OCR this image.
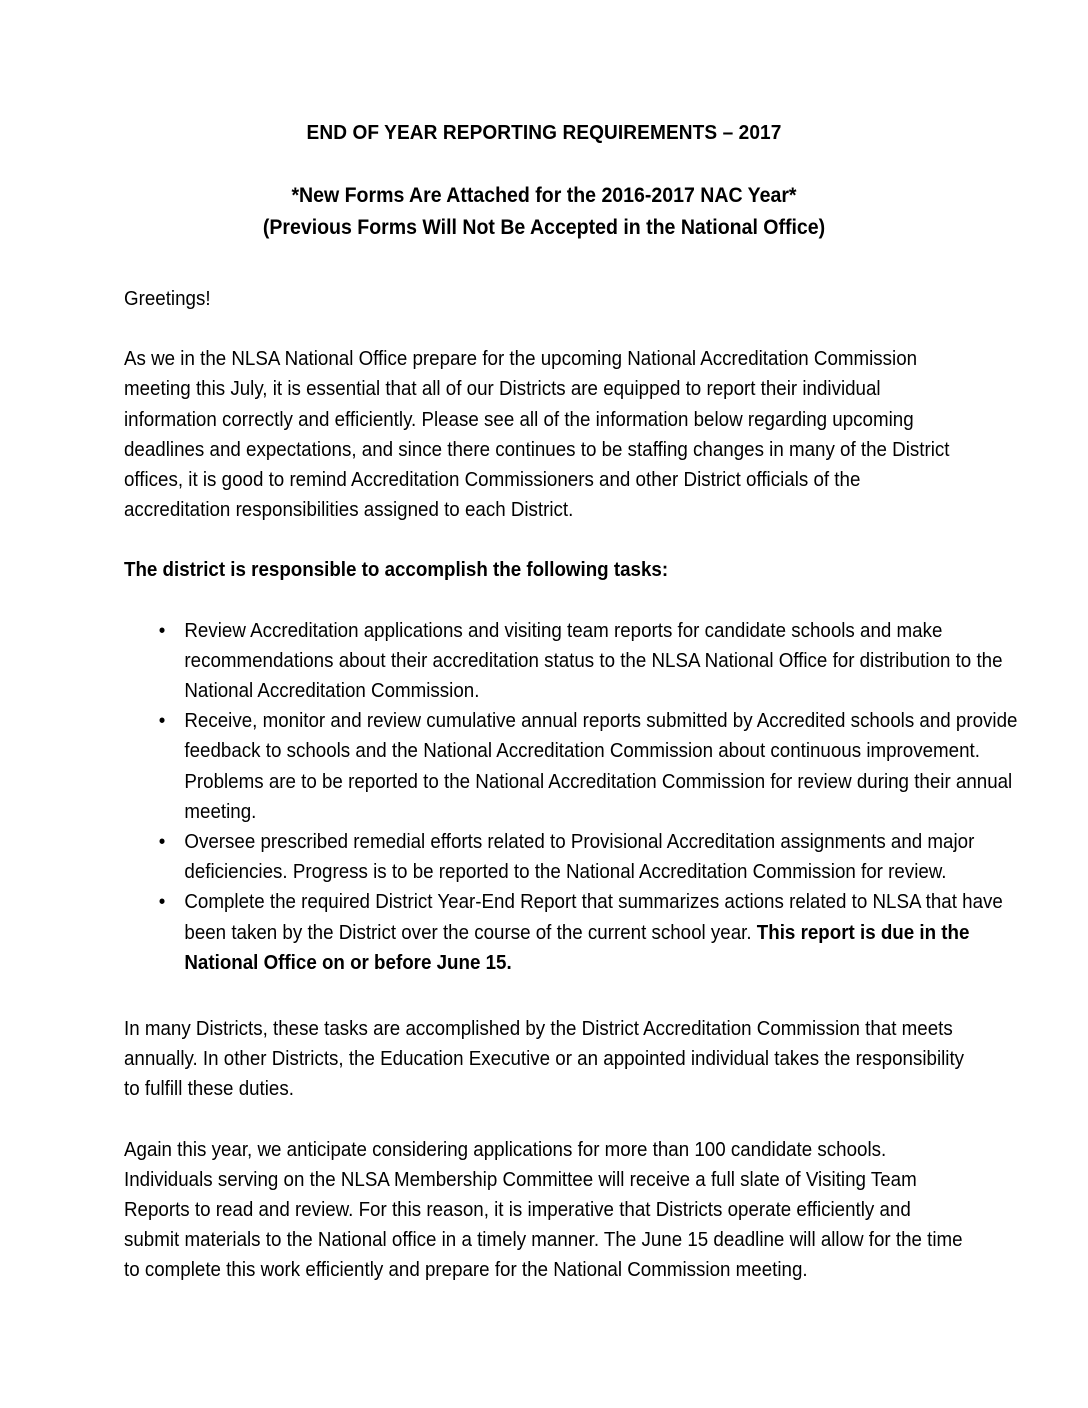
END OF YEAR REPORTING REQUIREMENTS – 2017
*New Forms Are Attached for the 2016-2017 NAC Year*
(Previous Forms Will Not Be Accepted in the National Office)

Greetings!

As we in the NLSA National Office prepare for the upcoming National Accreditation Commission meeting this July, it is essential that all of our Districts are equipped to report their individual information correctly and efficiently. Please see all of the information below regarding upcoming deadlines and expectations, and since there continues to be staffing changes in many of the District offices, it is good to remind Accreditation Commissioners and other District officials of the accreditation responsibilities assigned to each District.

The district is responsible to accomplish the following tasks:

• Review Accreditation applications and visiting team reports for candidate schools and make recommendations about their accreditation status to the NLSA National Office for distribution to the National Accreditation Commission.
• Receive, monitor and review cumulative annual reports submitted by Accredited schools and provide feedback to schools and the National Accreditation Commission about continuous improvement. Problems are to be reported to the National Accreditation Commission for review during their annual meeting.
• Oversee prescribed remedial efforts related to Provisional Accreditation assignments and major deficiencies. Progress is to be reported to the National Accreditation Commission for review.
• Complete the required District Year-End Report that summarizes actions related to NLSA that have been taken by the District over the course of the current school year. This report is due in the National Office on or before June 15.

In many Districts, these tasks are accomplished by the District Accreditation Commission that meets annually. In other Districts, the Education Executive or an appointed individual takes the responsibility to fulfill these duties.

Again this year, we anticipate considering applications for more than 100 candidate schools. Individuals serving on the NLSA Membership Committee will receive a full slate of Visiting Team Reports to read and review. For this reason, it is imperative that Districts operate efficiently and submit materials to the National office in a timely manner. The June 15 deadline will allow for the time to complete this work efficiently and prepare for the National Commission meeting.
